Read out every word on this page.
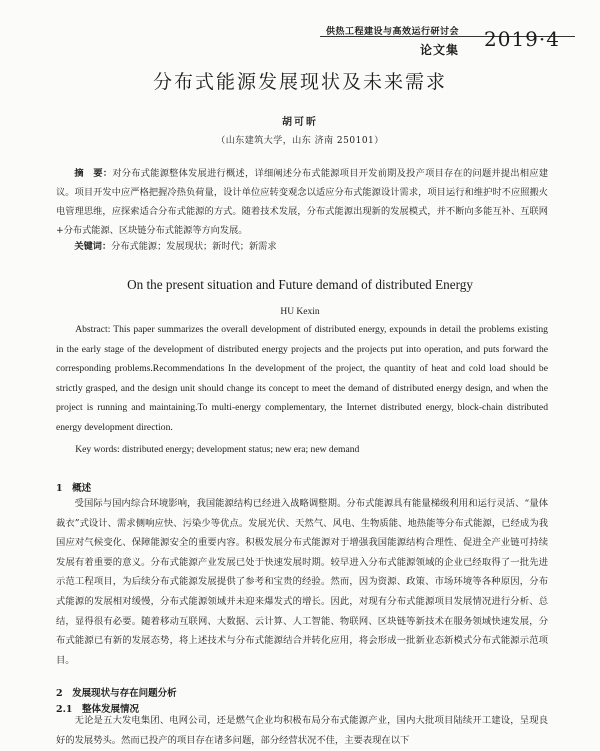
供热工程建设与高效运行研讨会
论文集 2019·4
分布式能源发展现状及未来需求
胡可昕
（山东建筑大学，山东 济南 250101）
摘　要：对分布式能源整体发展进行概述，详细阐述分布式能源项目开发前期及投产项目存在的问题并提出相应建议。项目开发中应严格把握冷热负荷量，设计单位应转变观念以适应分布式能源设计需求，项目运行和维护时不应照搬火电管理思维，应探索适合分布式能源的方式。随着技术发展，分布式能源出现新的发展模式，并不断向多能互补、互联网+分布式能源、区块链分布式能源等方向发展。
关键词：分布式能源；发展现状；新时代；新需求
On the present situation and Future demand of distributed Energy
HU Kexin
Abstract: This paper summarizes the overall development of distributed energy, expounds in detail the problems existing in the early stage of the development of distributed energy projects and the projects put into operation, and puts forward the corresponding problems.Recommendations In the development of the project, the quantity of heat and cold load should be strictly grasped, and the design unit should change its concept to meet the demand of distributed energy design, and when the project is running and maintaining.To multi-energy complementary, the Internet distributed energy, block-chain distributed energy development direction.
Key words: distributed energy; development status; new era; new demand
1　概述
受国际与国内综合环境影响，我国能源结构已经进入战略调整期。分布式能源具有能量梯级利用和运行灵活、“量体裁衣”式设计、需求侧响应快、污染少等优点。发展光伏、天然气、风电、生物质能、地热能等分布式能源，已经成为我国应对气候变化、保障能源安全的重要内容。积极发展分布式能源对于增强我国能源结构合理性、促进全产业链可持续发展有着重要的意义。分布式能源产业发展已处于快速发展时期。较早进入分布式能源领域的企业已经取得了一批先进示范工程项目，为后续分布式能源发展提供了参考和宝贵的经验。然而，因为资源、政策、市场环境等各种原因，分布式能源的发展相对缓慢，分布式能源领域并未迎来爆发式的增长。因此，对现有分布式能源项目发展情况进行分析、总结，显得很有必要。随着移动互联网、大数据、云计算、人工智能、物联网、区块链等新技术在服务领域快速发展，分布式能源已有新的发展态势，将上述技术与分布式能源结合并转化应用，将会形成一批新业态新模式分布式能源示范项目。
2　发展现状与存在问题分析
2.1　整体发展情况
无论是五大发电集团、电网公司，还是燃气企业均积极布局分布式能源产业，国内大批项目陆续开工建设，呈现良好的发展势头。然而已投产的项目存在诸多问题，部分经营状况不佳，主要表现在以下
